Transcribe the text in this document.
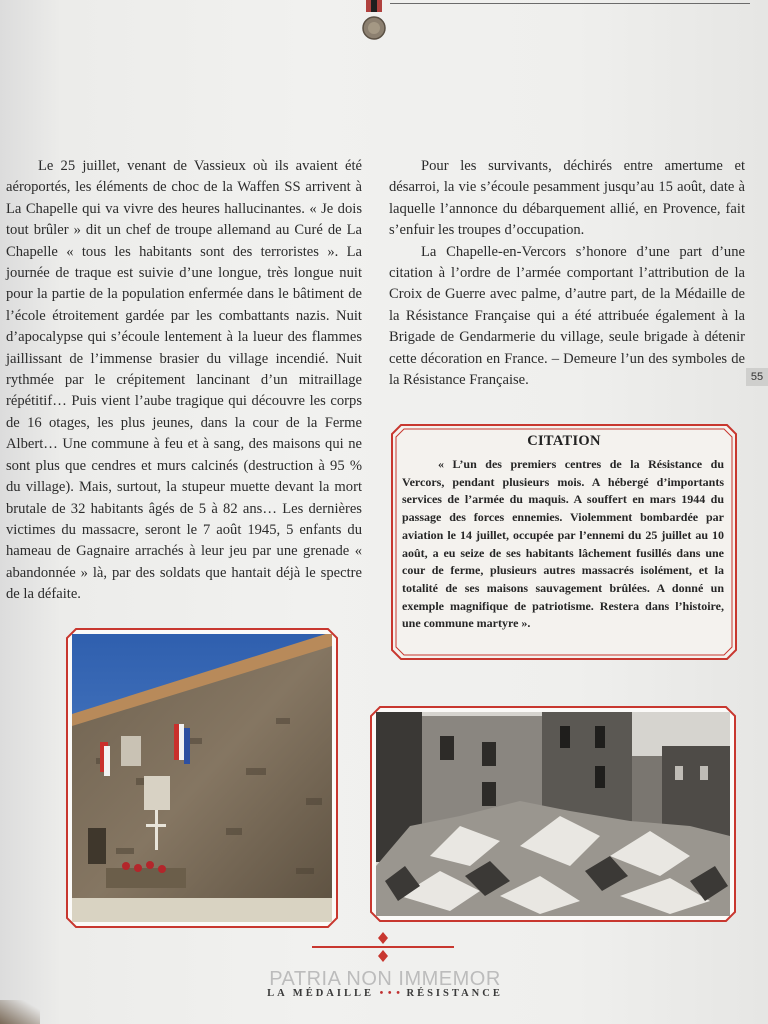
Le 25 juillet, venant de Vassieux où ils avaient été aéroportés, les éléments de choc de la Waffen SS arrivent à La Chapelle qui va vivre des heures hallucinantes. « Je dois tout brûler » dit un chef de troupe allemand au Curé de La Chapelle « tous les habitants sont des terroristes ». La journée de traque est suivie d’une longue, très longue nuit pour la partie de la population enfermée dans le bâtiment de l’école étroitement gardée par les combattants nazis. Nuit d’apocalypse qui s’écoule lentement à la lueur des flammes jaillissant de l’immense brasier du village incendié. Nuit rythmée par le crépitement lancinant d’un mitraillage répétitif… Puis vient l’aube tragique qui découvre les corps de 16 otages, les plus jeunes, dans la cour de la Ferme Albert… Une commune à feu et à sang, des maisons qui ne sont plus que cendres et murs calcinés (destruction à 95 % du village). Mais, surtout, la stupeur muette devant la mort brutale de 32 habitants âgés de 5 à 82 ans… Les dernières victimes du massacre, seront le 7 août 1945, 5 enfants du hameau de Gagnaire arrachés à leur jeu par une grenade « abandonnée » là, par des soldats que hantait déjà le spectre de la défaite.

Pour les survivants, déchirés entre amertume et désarroi, la vie s’écoule pesamment jusqu’au 15 août, date à laquelle l’annonce du débarquement allié, en Provence, fait s’enfuir les troupes d’occupation.

La Chapelle-en-Vercors s’honore d’une part d’une citation à l’ordre de l’armée comportant l’attribution de la Croix de Guerre avec palme, d’autre part, de la Médaille de la Résistance Française qui a été attribuée également à la Brigade de Gendarmerie du village, seule brigade à détenir cette décoration en France. – Demeure l’un des symboles de la Résistance Française.	55
CITATION

« L’un des premiers centres de la Résistance du Vercors, pendant plusieurs mois. A hébergé d’importants services de l’armée du maquis. A souffert en mars 1944 du passage des forces ennemies. Violemment bombardée par aviation le 14 juillet, occupée par l’ennemi du 25 juillet au 10 août, a eu seize de ses habitants lâchement fusillés dans une cour de ferme, plusieurs autres massacrés isolément, et la totalité de ses maisons sauvagement brûlées. A donné un exemple magnifique de patriotisme. Restera dans l’histoire, une commune martyre ».

PATRIA NON IMMEMOR
LA MÉDAILLE • • • RÉSISTANCE
